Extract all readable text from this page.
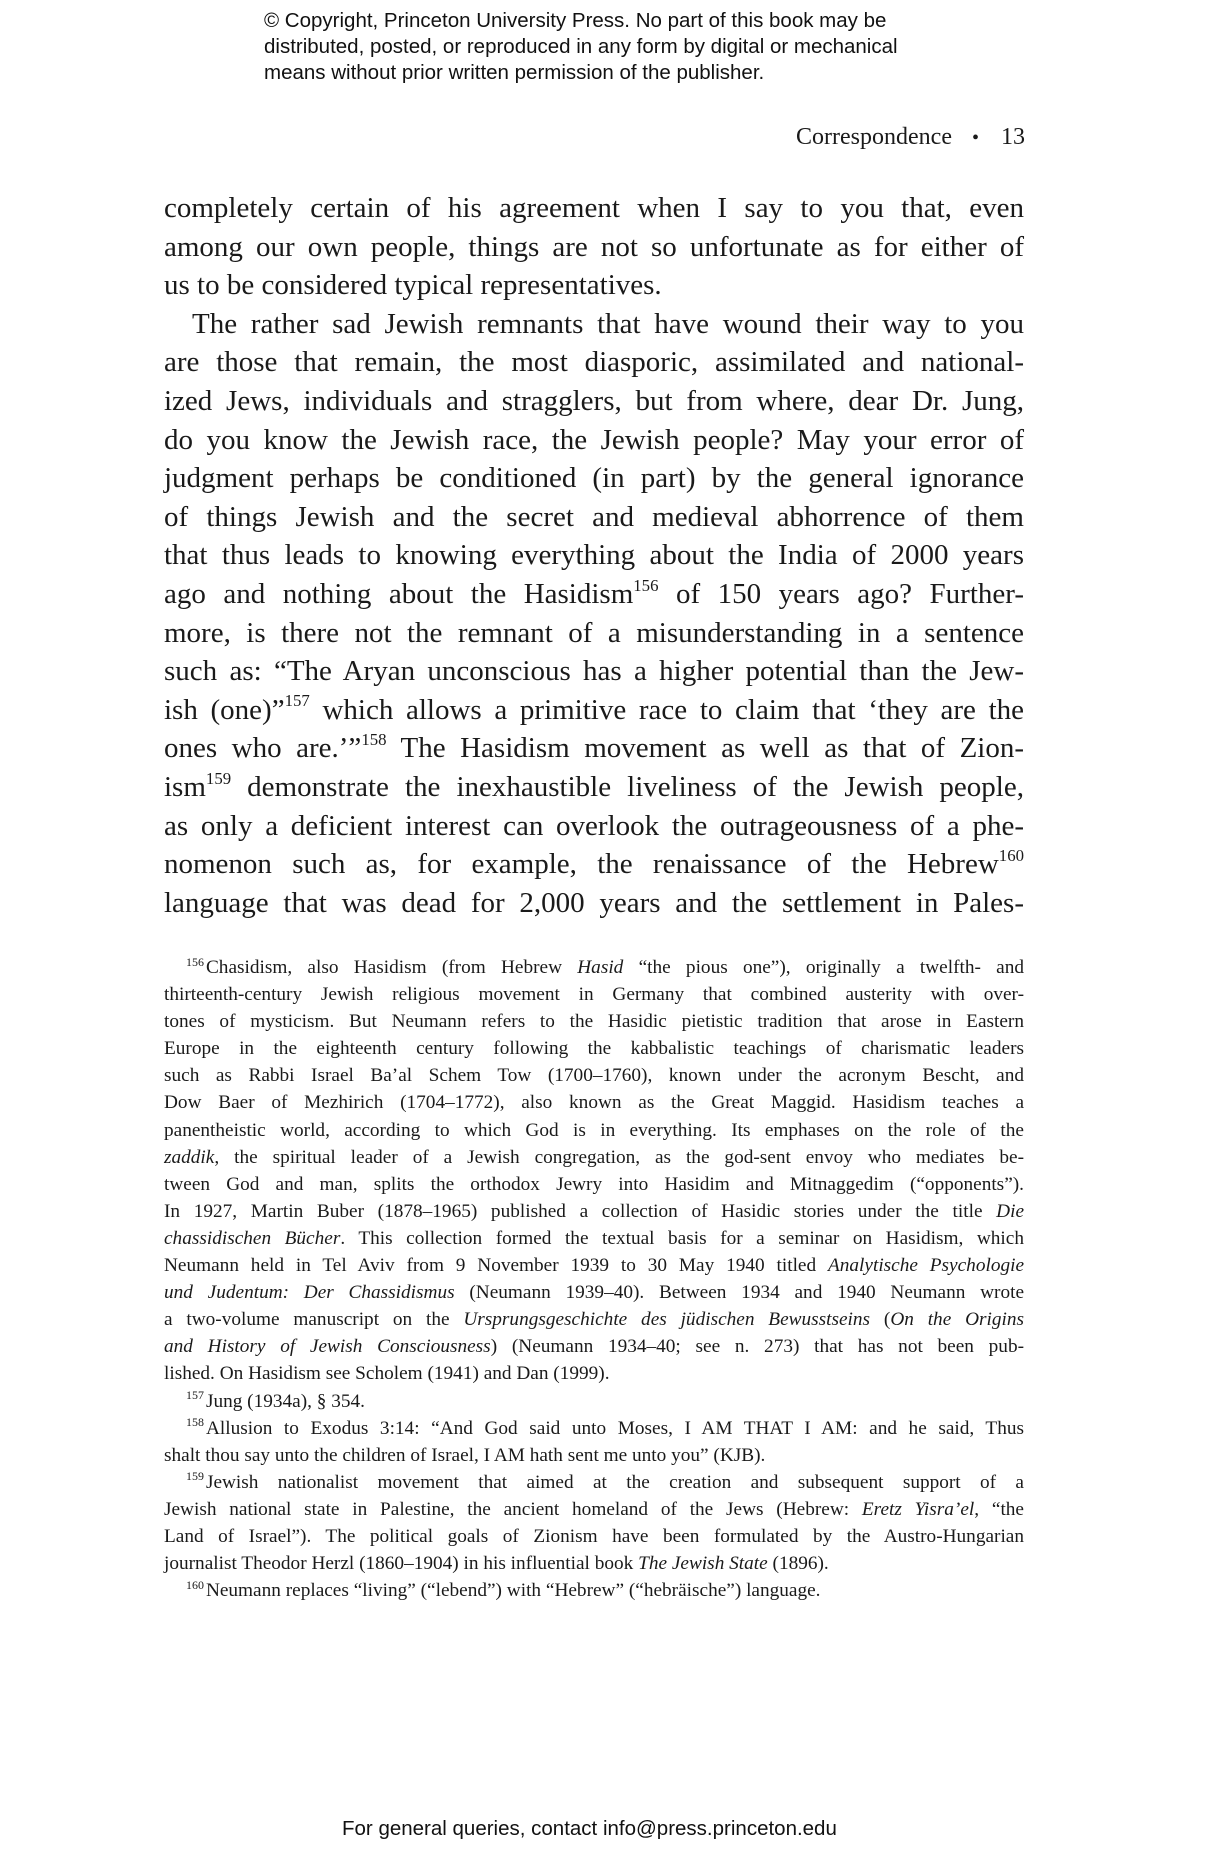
© Copyright, Princeton University Press. No part of this book may be
distributed, posted, or reproduced in any form by digital or mechanical
means without prior written permission of the publisher.
Correspondence • 13
completely certain of his agreement when I say to you that, even
among our own people, things are not so unfortunate as for either of
us to be considered typical representatives.
The rather sad Jewish remnants that have wound their way to you
are those that remain, the most diasporic, assimilated and national-
ized Jews, individuals and stragglers, but from where, dear Dr. Jung,
do you know the Jewish race, the Jewish people? May your error of
judgment perhaps be conditioned (in part) by the general ignorance
of things Jewish and the secret and medieval abhorrence of them
that thus leads to knowing everything about the India of 2000 years
ago and nothing about the Hasidism$^{156}$ of 150 years ago? Further-
more, is there not the remnant of a misunderstanding in a sentence
such as: “The Aryan unconscious has a higher potential than the Jew-
ish (one)”$^{157}$ which allows a primitive race to claim that ‘they are the
ones who are.’”$^{158}$ The Hasidism movement as well as that of Zion-
ism$^{159}$ demonstrate the inexhaustible liveliness of the Jewish people,
as only a deficient interest can overlook the outrageousness of a phe-
nomenon such as, for example, the renaissance of the Hebrew$^{160}$
language that was dead for 2,000 years and the settlement in Pales-
$^{156}$ Chasidism, also Hasidism (from Hebrew Hasid “the pious one”), originally a twelfth- and
thirteenth-century Jewish religious movement in Germany that combined austerity with over-
tones of mysticism. But Neumann refers to the Hasidic pietistic tradition that arose in Eastern
Europe in the eighteenth century following the kabbalistic teachings of charismatic leaders
such as Rabbi Israel Ba’al Schem Tow (1700–1760), known under the acronym Bescht, and
Dow Baer of Mezhirich (1704–1772), also known as the Great Maggid. Hasidism teaches a
panentheistic world, according to which God is in everything. Its emphases on the role of the
zaddik, the spiritual leader of a Jewish congregation, as the god-sent envoy who mediates be-
tween God and man, splits the orthodox Jewry into Hasidim and Mitnaggedim (“opponents”).
In 1927, Martin Buber (1878–1965) published a collection of Hasidic stories under the title Die
chassidischen Bücher. This collection formed the textual basis for a seminar on Hasidism, which
Neumann held in Tel Aviv from 9 November 1939 to 30 May 1940 titled Analytische Psychologie
und Judentum: Der Chassidismus (Neumann 1939–40). Between 1934 and 1940 Neumann wrote
a two-volume manuscript on the Ursprungsgeschichte des jüdischen Bewusstseins (On the Origins
and History of Jewish Consciousness) (Neumann 1934–40; see n. 273) that has not been pub-
lished. On Hasidism see Scholem (1941) and Dan (1999).
$^{157}$ Jung (1934a), § 354.
$^{158}$ Allusion to Exodus 3:14: “And God said unto Moses, I AM THAT I AM: and he said, Thus
shalt thou say unto the children of Israel, I AM hath sent me unto you” (KJB).
$^{159}$ Jewish nationalist movement that aimed at the creation and subsequent support of a
Jewish national state in Palestine, the ancient homeland of the Jews (Hebrew: Eretz Yisra’el, “the
Land of Israel”). The political goals of Zionism have been formulated by the Austro-Hungarian
journalist Theodor Herzl (1860–1904) in his influential book The Jewish State (1896).
$^{160}$ Neumann replaces “living” (“lebend”) with “Hebrew” (“hebräische”) language.
For general queries, contact info@press.princeton.edu
